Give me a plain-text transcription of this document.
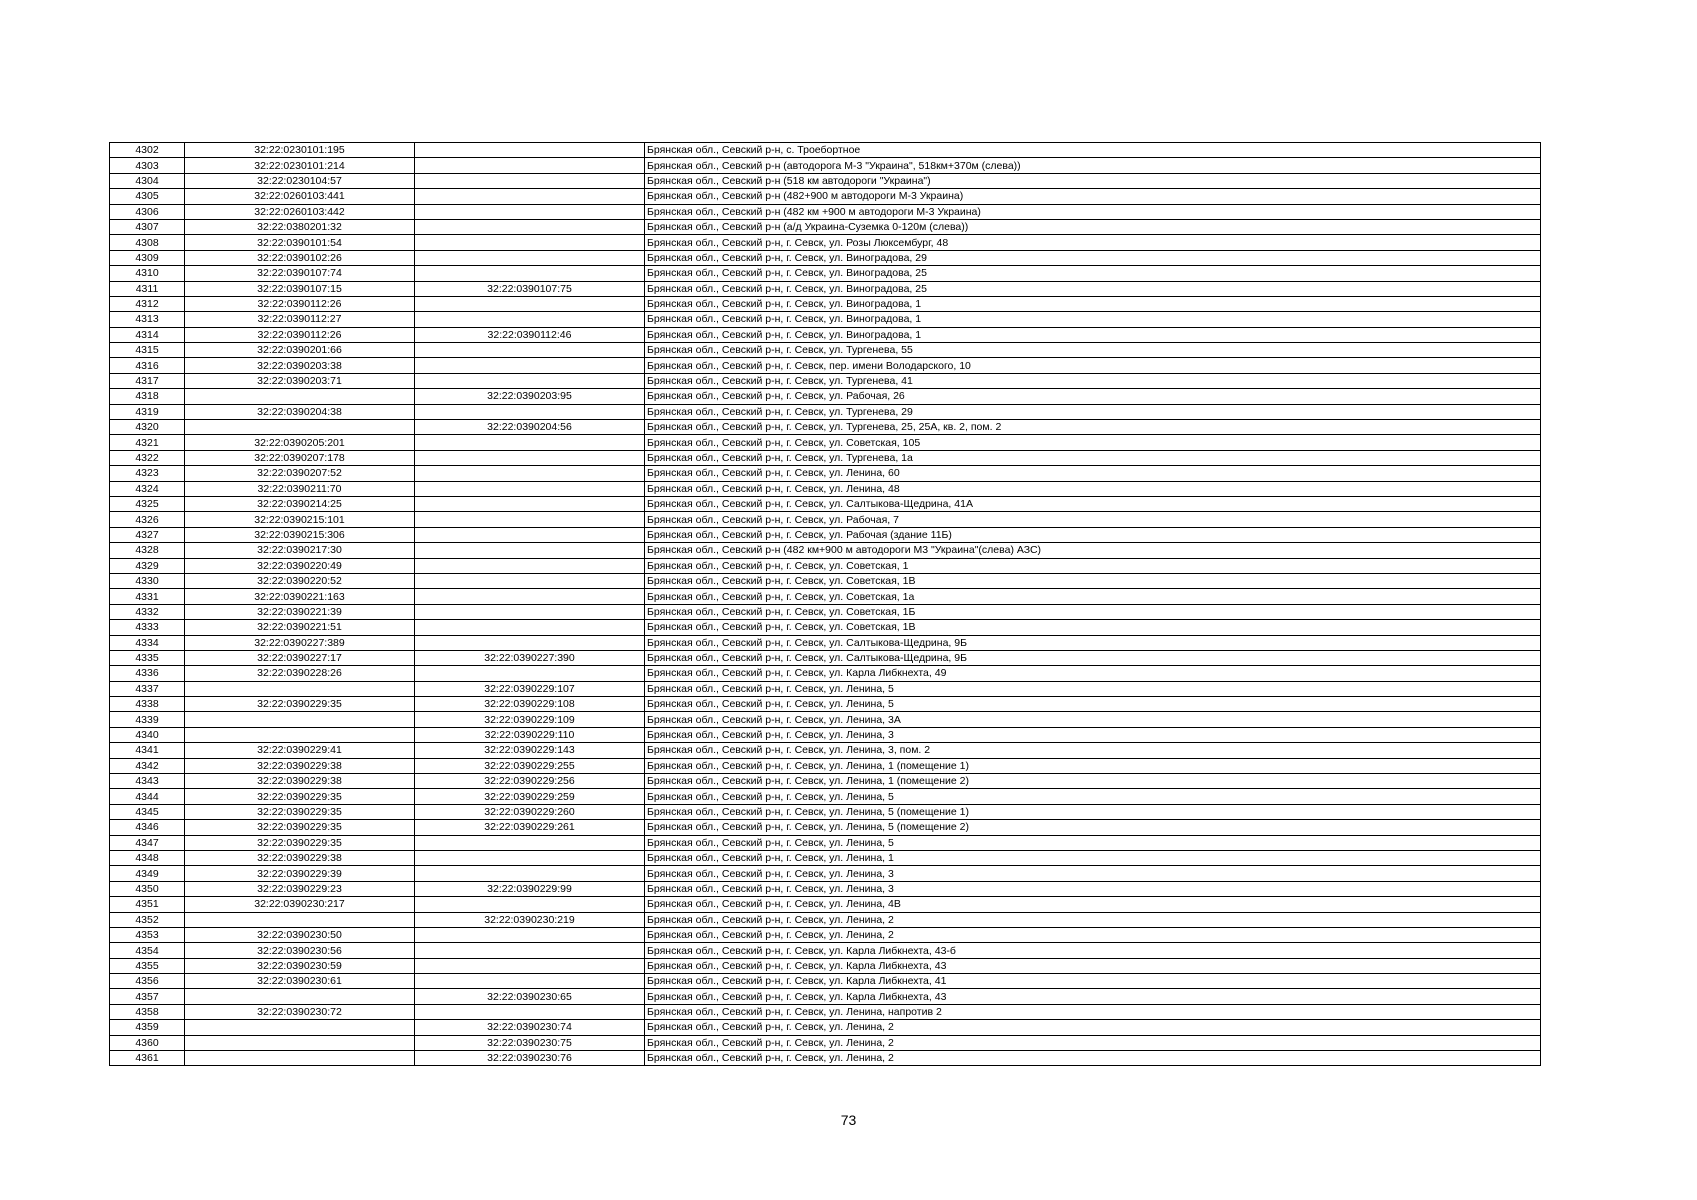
4302	32:22:0230101:195		Брянская обл., Севский р-н, с. Троебортное
4303	32:22:0230101:214		Брянская обл., Севский р-н (автодорога М-3 "Украина", 518км+370м (слева))
4304	32:22:0230104:57		Брянская обл., Севский р-н (518 км автодороги "Украина")
4305	32:22:0260103:441		Брянская обл., Севский р-н (482+900 м автодороги М-3 Украина)
4306	32:22:0260103:442		Брянская обл., Севский р-н (482 км +900 м автодороги М-3 Украина)
4307	32:22:0380201:32		Брянская обл., Севский р-н (а/д Украина-Суземка 0-120м (слева))
4308	32:22:0390101:54		Брянская обл., Севский р-н, г. Севск, ул. Розы Люксембург, 48
4309	32:22:0390102:26		Брянская обл., Севский р-н, г. Севск, ул. Виноградова, 29
4310	32:22:0390107:74		Брянская обл., Севский р-н, г. Севск, ул. Виноградова, 25
4311	32:22:0390107:15	32:22:0390107:75	Брянская обл., Севский р-н, г. Севск, ул. Виноградова, 25
4312	32:22:0390112:26		Брянская обл., Севский р-н, г. Севск, ул. Виноградова, 1
4313	32:22:0390112:27		Брянская обл., Севский р-н, г. Севск, ул. Виноградова, 1
4314	32:22:0390112:26	32:22:0390112:46	Брянская обл., Севский р-н, г. Севск, ул. Виноградова, 1
4315	32:22:0390201:66		Брянская обл., Севский р-н, г. Севск, ул. Тургенева, 55
4316	32:22:0390203:38		Брянская обл., Севский р-н, г. Севск, пер. имени Володарского, 10
4317	32:22:0390203:71		Брянская обл., Севский р-н, г. Севск, ул. Тургенева, 41
4318		32:22:0390203:95	Брянская обл., Севский р-н, г. Севск, ул. Рабочая, 26
4319	32:22:0390204:38		Брянская обл., Севский р-н, г. Севск, ул. Тургенева, 29
4320		32:22:0390204:56	Брянская обл., Севский р-н, г. Севск, ул. Тургенева, 25, 25А, кв. 2, пом. 2
4321	32:22:0390205:201		Брянская обл., Севский р-н, г. Севск, ул. Советская, 105
4322	32:22:0390207:178		Брянская обл., Севский р-н, г. Севск, ул. Тургенева, 1а
4323	32:22:0390207:52		Брянская обл., Севский р-н, г. Севск, ул. Ленина, 60
4324	32:22:0390211:70		Брянская обл., Севский р-н, г. Севск, ул. Ленина, 48
4325	32:22:0390214:25		Брянская обл., Севский р-н, г. Севск, ул. Салтыкова-Щедрина, 41А
4326	32:22:0390215:101		Брянская обл., Севский р-н, г. Севск, ул. Рабочая, 7
4327	32:22:0390215:306		Брянская обл., Севский р-н, г. Севск, ул. Рабочая (здание 11Б)
4328	32:22:0390217:30		Брянская обл., Севский р-н (482 км+900 м автодороги М3 "Украина"(слева) АЗС)
4329	32:22:0390220:49		Брянская обл., Севский р-н, г. Севск, ул. Советская, 1
4330	32:22:0390220:52		Брянская обл., Севский р-н, г. Севск, ул. Советская, 1В
4331	32:22:0390221:163		Брянская обл., Севский р-н, г. Севск, ул. Советская, 1а
4332	32:22:0390221:39		Брянская обл., Севский р-н, г. Севск, ул. Советская, 1Б
4333	32:22:0390221:51		Брянская обл., Севский р-н, г. Севск, ул. Советская, 1В
4334	32:22:0390227:389		Брянская обл., Севский р-н, г. Севск, ул. Салтыкова-Щедрина, 9Б
4335	32:22:0390227:17	32:22:0390227:390	Брянская обл., Севский р-н, г. Севск, ул. Салтыкова-Щедрина, 9Б
4336	32:22:0390228:26		Брянская обл., Севский р-н, г. Севск, ул. Карла Либкнехта, 49
4337		32:22:0390229:107	Брянская обл., Севский р-н, г. Севск, ул. Ленина, 5
4338	32:22:0390229:35	32:22:0390229:108	Брянская обл., Севский р-н, г. Севск, ул. Ленина, 5
4339		32:22:0390229:109	Брянская обл., Севский р-н, г. Севск, ул. Ленина, 3А
4340		32:22:0390229:110	Брянская обл., Севский р-н, г. Севск, ул. Ленина, 3
4341	32:22:0390229:41	32:22:0390229:143	Брянская обл., Севский р-н, г. Севск, ул. Ленина, 3, пом. 2
4342	32:22:0390229:38	32:22:0390229:255	Брянская обл., Севский р-н, г. Севск, ул. Ленина, 1 (помещение 1)
4343	32:22:0390229:38	32:22:0390229:256	Брянская обл., Севский р-н, г. Севск, ул. Ленина, 1 (помещение 2)
4344	32:22:0390229:35	32:22:0390229:259	Брянская обл., Севский р-н, г. Севск, ул. Ленина, 5
4345	32:22:0390229:35	32:22:0390229:260	Брянская обл., Севский р-н, г. Севск, ул. Ленина, 5 (помещение 1)
4346	32:22:0390229:35	32:22:0390229:261	Брянская обл., Севский р-н, г. Севск, ул. Ленина, 5 (помещение 2)
4347	32:22:0390229:35		Брянская обл., Севский р-н, г. Севск, ул. Ленина, 5
4348	32:22:0390229:38		Брянская обл., Севский р-н, г. Севск, ул. Ленина, 1
4349	32:22:0390229:39		Брянская обл., Севский р-н, г. Севск, ул. Ленина, 3
4350	32:22:0390229:23	32:22:0390229:99	Брянская обл., Севский р-н, г. Севск, ул. Ленина, 3
4351	32:22:0390230:217		Брянская обл., Севский р-н, г. Севск, ул. Ленина, 4В
4352		32:22:0390230:219	Брянская обл., Севский р-н, г. Севск, ул. Ленина, 2
4353	32:22:0390230:50		Брянская обл., Севский р-н, г. Севск, ул. Ленина, 2
4354	32:22:0390230:56		Брянская обл., Севский р-н, г. Севск, ул. Карла Либкнехта, 43-б
4355	32:22:0390230:59		Брянская обл., Севский р-н, г. Севск, ул. Карла Либкнехта, 43
4356	32:22:0390230:61		Брянская обл., Севский р-н, г. Севск, ул. Карла Либкнехта, 41
4357		32:22:0390230:65	Брянская обл., Севский р-н, г. Севск, ул. Карла Либкнехта, 43
4358	32:22:0390230:72		Брянская обл., Севский р-н, г. Севск, ул. Ленина, напротив 2
4359		32:22:0390230:74	Брянская обл., Севский р-н, г. Севск, ул. Ленина, 2
4360		32:22:0390230:75	Брянская обл., Севский р-н, г. Севск, ул. Ленина, 2
4361		32:22:0390230:76	Брянская обл., Севский р-н, г. Севск, ул. Ленина, 2
73
